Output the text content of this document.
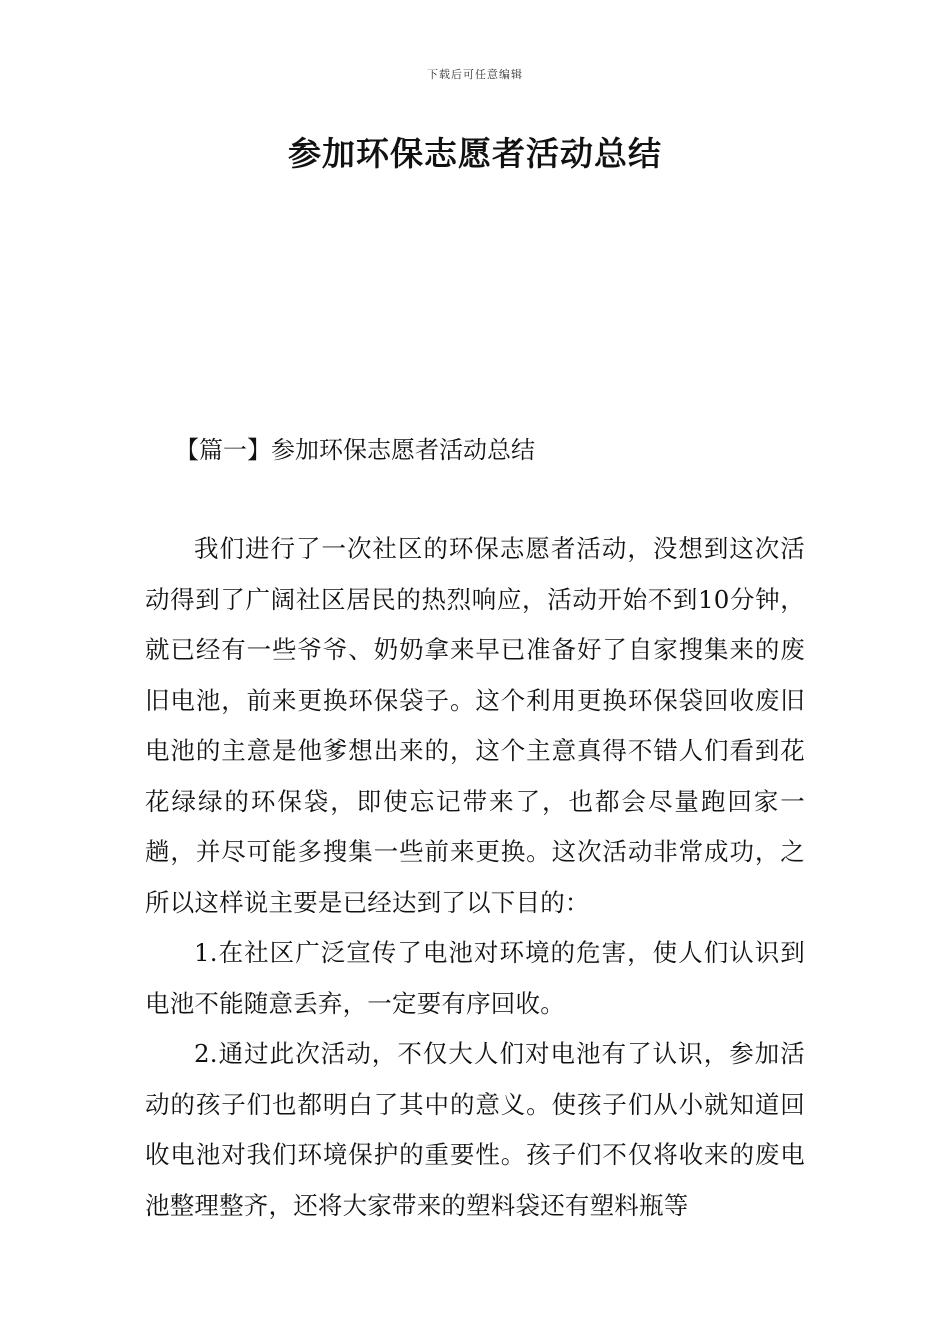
下载后可任意编辑
参加环保志愿者活动总结
【篇一】参加环保志愿者活动总结

我们进行了一次社区的环保志愿者活动，没想到这次活动得到了广阔社区居民的热烈响应，活动开始不到10分钟，就已经有一些爷爷、奶奶拿来早已准备好了自家搜集来的废旧电池，前来更换环保袋子。这个利用更换环保袋回收废旧电池的主意是他爹想出来的，这个主意真得不错人们看到花花绿绿的环保袋，即使忘记带来了，也都会尽量跑回家一趟，并尽可能多搜集一些前来更换。这次活动非常成功，之所以这样说主要是已经达到了以下目的：

1.在社区广泛宣传了电池对环境的危害，使人们认识到电池不能随意丢弃，一定要有序回收。

2.通过此次活动，不仅大人们对电池有了认识，参加活动的孩子们也都明白了其中的意义。使孩子们从小就知道回收电池对我们环境保护的重要性。孩子们不仅将收来的废电池整理整齐，还将大家带来的塑料袋还有塑料瓶等
